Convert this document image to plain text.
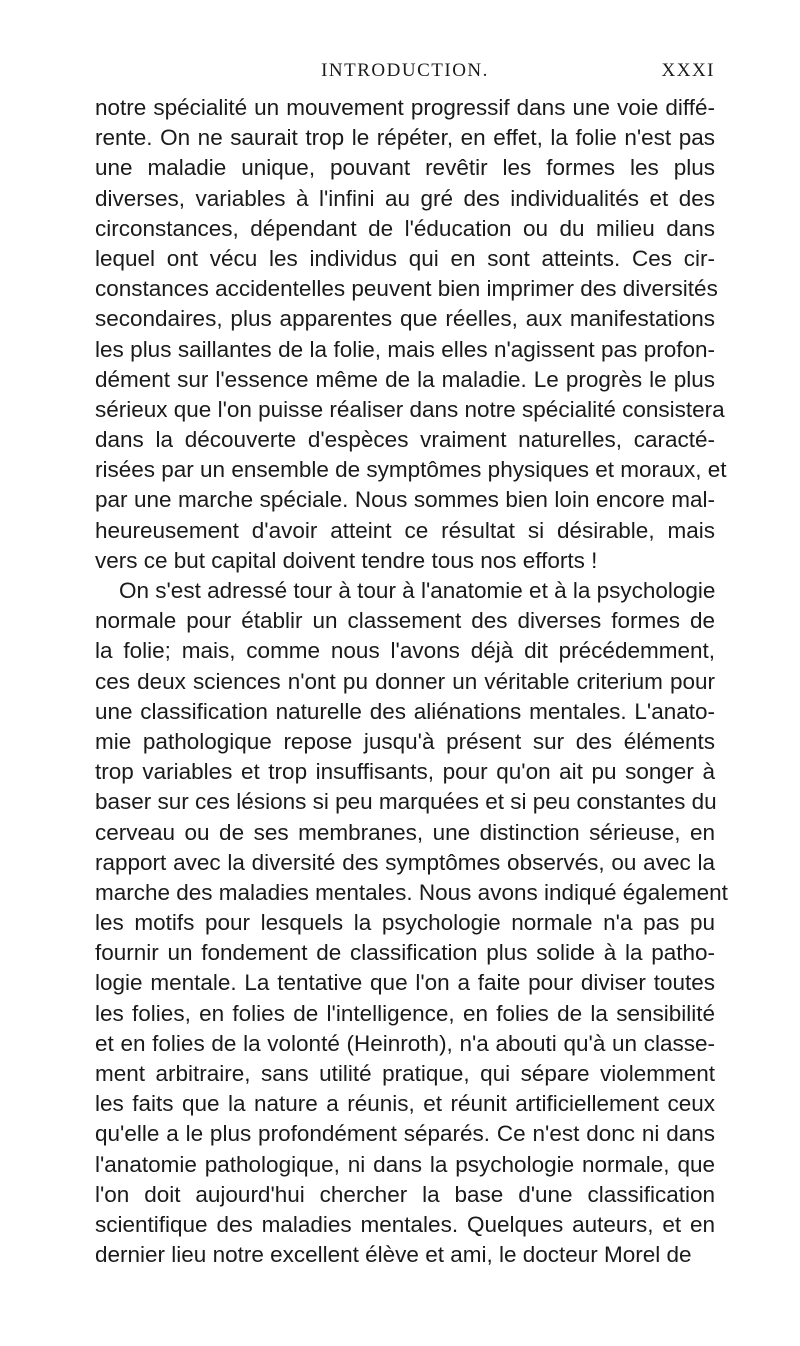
INTRODUCTION.	XXXI
notre spécialité un mouvement progressif dans une voie diffé-
rente. On ne saurait trop le répéter, en effet, la folie n'est pas
une maladie unique, pouvant revêtir les formes les plus
diverses, variables à l'infini au gré des individualités et des
circonstances, dépendant de l'éducation ou du milieu dans
lequel ont vécu les individus qui en sont atteints. Ces cir-
constances accidentelles peuvent bien imprimer des diversités
secondaires, plus apparentes que réelles, aux manifestations
les plus saillantes de la folie, mais elles n'agissent pas profon-
dément sur l'essence même de la maladie. Le progrès le plus
sérieux que l'on puisse réaliser dans notre spécialité consistera
dans la découverte d'espèces vraiment naturelles, caracté-
risées par un ensemble de symptômes physiques et moraux, et
par une marche spéciale. Nous sommes bien loin encore mal-
heureusement d'avoir atteint ce résultat si désirable, mais
vers ce but capital doivent tendre tous nos efforts !
On s'est adressé tour à tour à l'anatomie et à la psychologie
normale pour établir un classement des diverses formes de
la folie; mais, comme nous l'avons déjà dit précédemment,
ces deux sciences n'ont pu donner un véritable criterium pour
une classification naturelle des aliénations mentales. L'anato-
mie pathologique repose jusqu'à présent sur des éléments
trop variables et trop insuffisants, pour qu'on ait pu songer à
baser sur ces lésions si peu marquées et si peu constantes du
cerveau ou de ses membranes, une distinction sérieuse, en
rapport avec la diversité des symptômes observés, ou avec la
marche des maladies mentales. Nous avons indiqué également
les motifs pour lesquels la psychologie normale n'a pas pu
fournir un fondement de classification plus solide à la patho-
logie mentale. La tentative que l'on a faite pour diviser toutes
les folies, en folies de l'intelligence, en folies de la sensibilité
et en folies de la volonté (Heinroth), n'a abouti qu'à un classe-
ment arbitraire, sans utilité pratique, qui sépare violemment
les faits que la nature a réunis, et réunit artificiellement ceux
qu'elle a le plus profondément séparés. Ce n'est donc ni dans
l'anatomie pathologique, ni dans la psychologie normale, que
l'on doit aujourd'hui chercher la base d'une classification
scientifique des maladies mentales. Quelques auteurs, et en
dernier lieu notre excellent élève et ami, le docteur Morel de
